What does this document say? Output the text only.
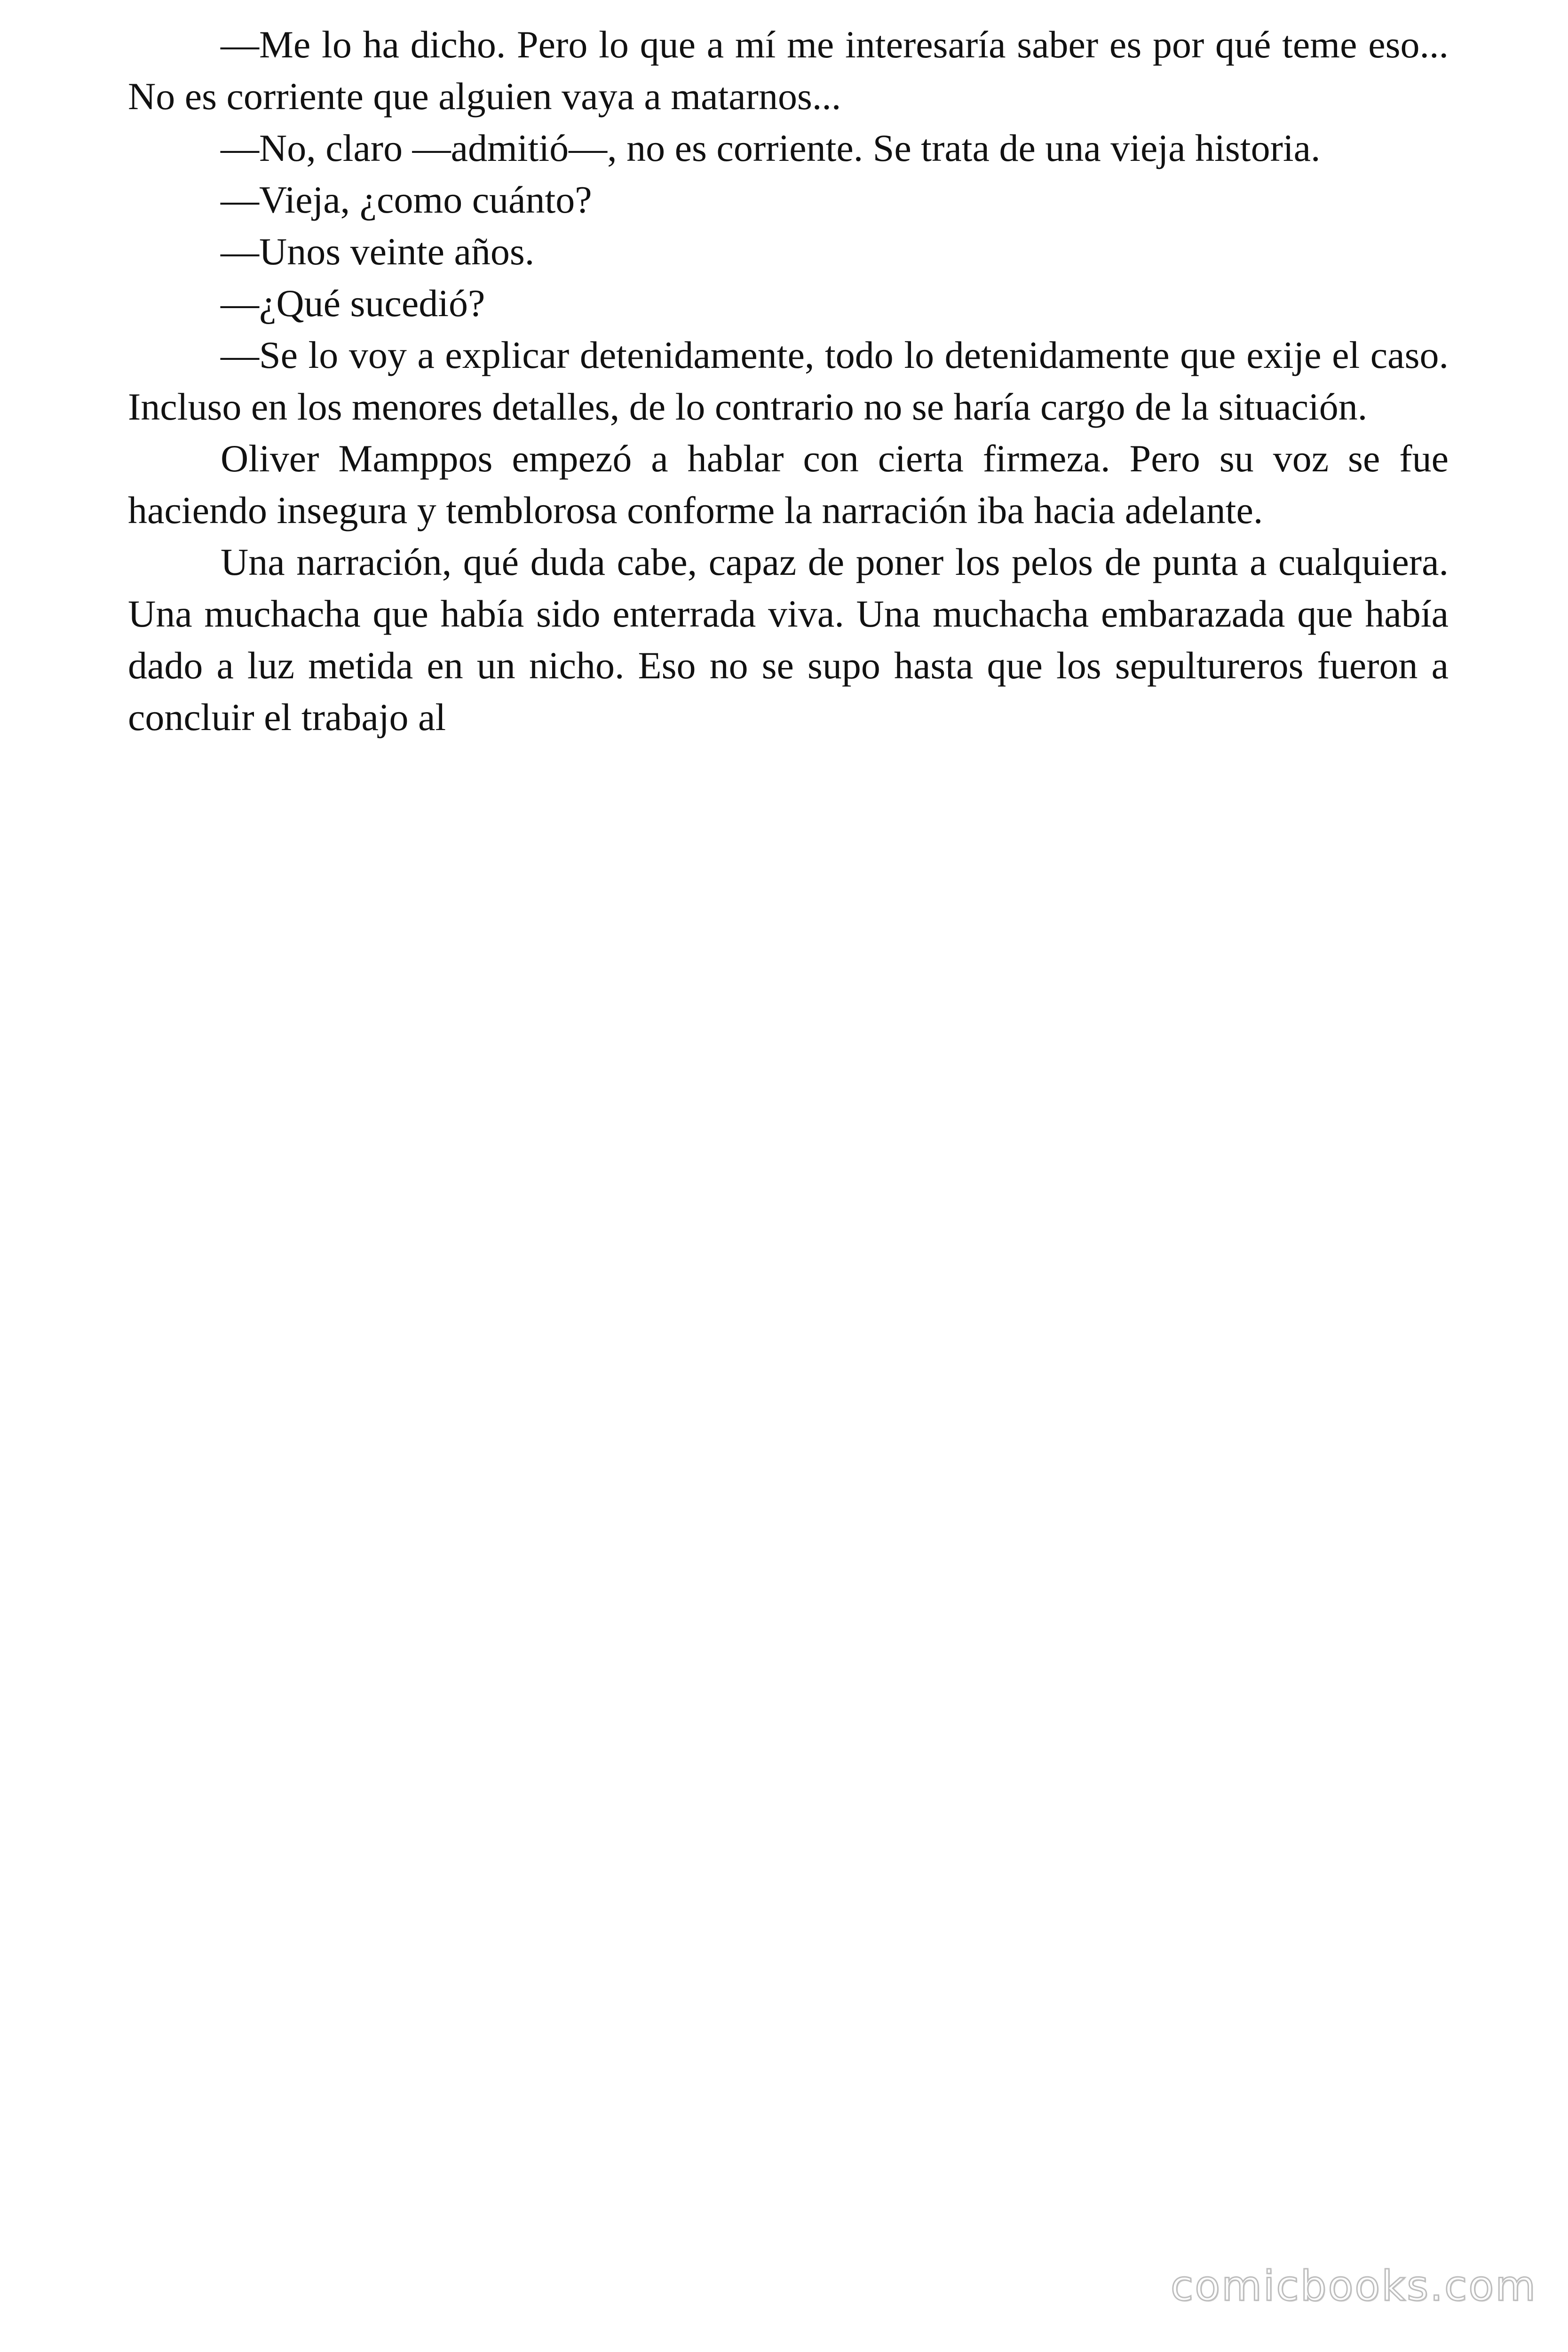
—Me lo ha dicho. Pero lo que a mí me interesaría saber es por qué teme eso... No es corriente que alguien vaya a matarnos...

—No, claro —admitió—, no es corriente. Se trata de una vieja historia.

—Vieja, ¿como cuánto?

—Unos veinte años.

—¿Qué sucedió?

—Se lo voy a explicar detenidamente, todo lo detenidamente que exije el caso. Incluso en los menores detalles, de lo contrario no se haría cargo de la situación.

Oliver Mamppos empezó a hablar con cierta firmeza. Pero su voz se fue haciendo insegura y temblorosa conforme la narración iba hacia adelante.

Una narración, qué duda cabe, capaz de poner los pelos de punta a cualquiera. Una muchacha que había sido enterrada viva. Una muchacha embarazada que había dado a luz metida en un nicho. Eso no se supo hasta que los sepultureros fueron a concluir el trabajo al

comicbooks.com
